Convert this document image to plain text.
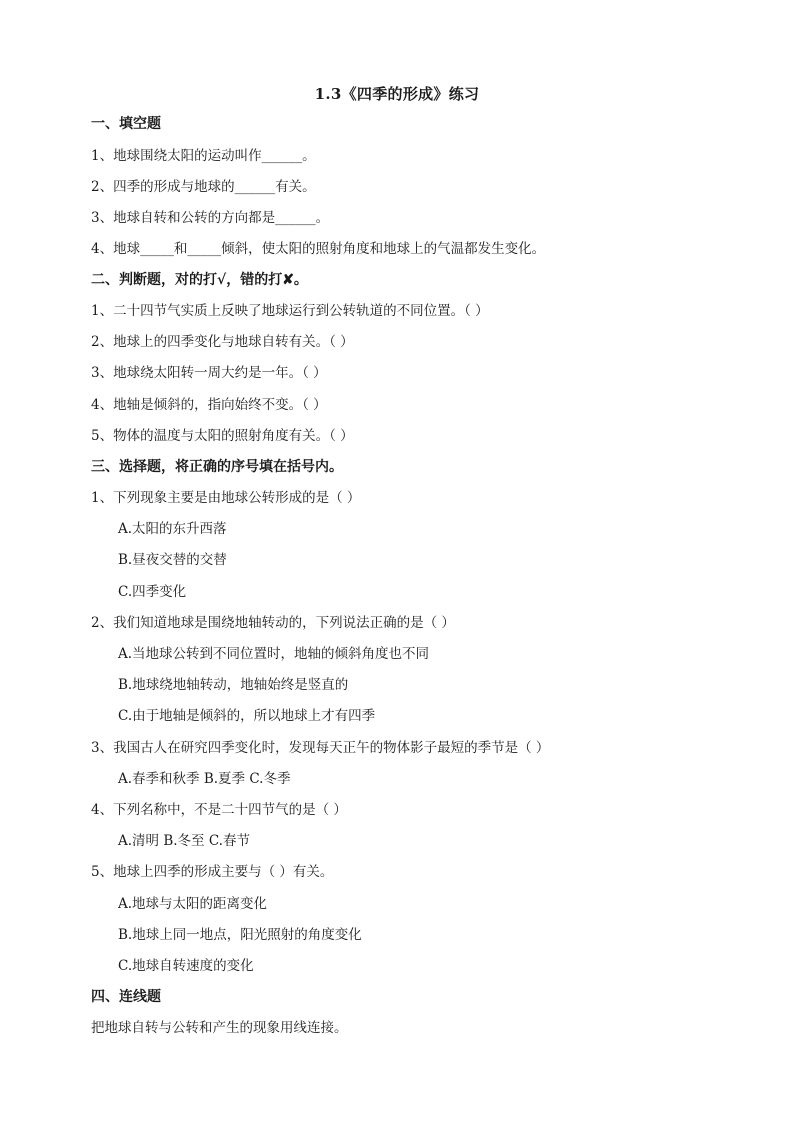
1.3《四季的形成》练习
一、填空题
1、地球围绕太阳的运动叫作______。
2、四季的形成与地球的______有关。
3、地球自转和公转的方向都是______。
4、地球_____和_____倾斜，使太阳的照射角度和地球上的气温都发生变化。
二、判断题，对的打√，错的打✘。
1、二十四节气实质上反映了地球运行到公转轨道的不同位置。（ ）
2、地球上的四季变化与地球自转有关。（ ）
3、地球绕太阳转一周大约是一年。（ ）
4、地轴是倾斜的，指向始终不变。（ ）
5、物体的温度与太阳的照射角度有关。（ ）
三、选择题，将正确的序号填在括号内。
1、下列现象主要是由地球公转形成的是（ ）
A.太阳的东升西落
B.昼夜交替的交替
C.四季变化
2、我们知道地球是围绕地轴转动的，下列说法正确的是（ ）
A.当地球公转到不同位置时，地轴的倾斜角度也不同
B.地球绕地轴转动，地轴始终是竖直的
C.由于地轴是倾斜的，所以地球上才有四季
3、我国古人在研究四季变化时，发现每天正午的物体影子最短的季节是（ ）
A.春季和秋季 B.夏季 C.冬季
4、下列名称中，不是二十四节气的是（ ）
A.清明 B.冬至 C.春节
5、地球上四季的形成主要与（ ）有关。
A.地球与太阳的距离变化
B.地球上同一地点，阳光照射的角度变化
C.地球自转速度的变化
四、连线题
把地球自转与公转和产生的现象用线连接。
